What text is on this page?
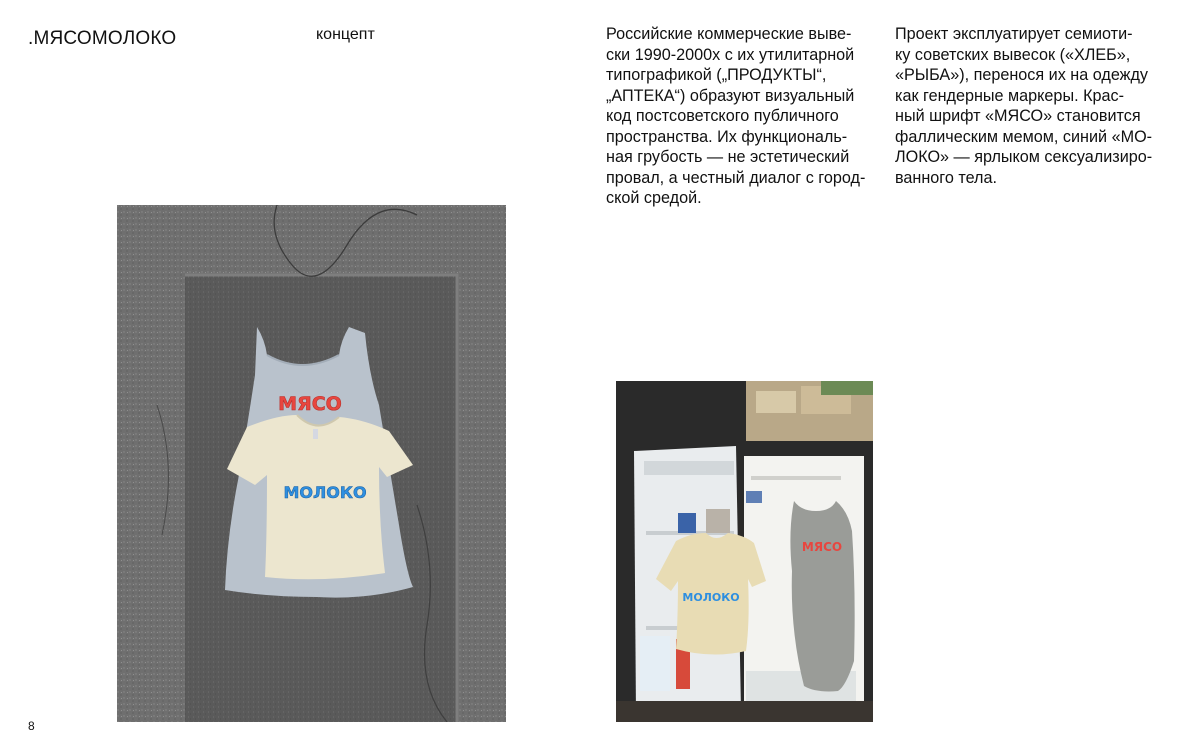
.МЯСОМОЛОКО	концепт	Российские коммерческие выве-
ски 1990-2000х с их утилитарной
типографикой („ПРОДУКТЫ“,
„АПТЕКА“) образуют визуальный
код постсоветского публичного
пространства. Их функциональ-
ная грубость — не эстетический
провал, а честный диалог с город-
ской средой.

Проект эксплуатирует семиоти-
ку советских вывесок («ХЛЕБ»,
«РЫБА»), перенося их на одежду
как гендерные маркеры. Крас-
ный шрифт «МЯСО» становится
фаллическим мемом, синий «МО-
ЛОКО» — ярлыком сексуализиро-
ванного тела.

МЯСО
МОЛОКО
МЯСО
МОЛОКО
8
